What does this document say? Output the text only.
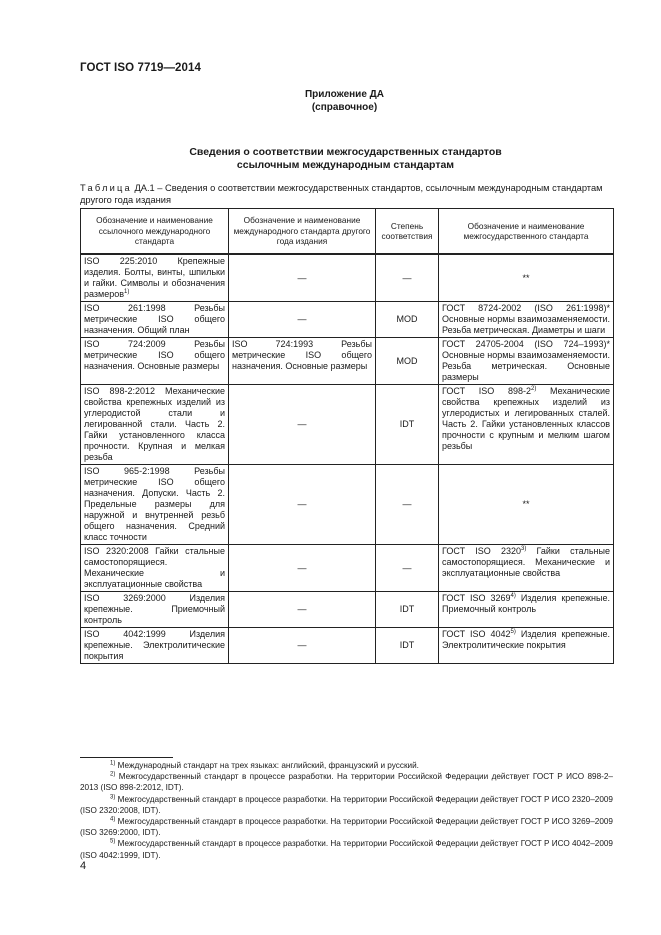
ГОСТ ISO 7719—2014
Приложение ДА
(справочное)
Сведения о соответствии межгосударственных стандартов
ссылочным международным стандартам
Таблица ДА.1 – Сведения о соответствии межгосударственных стандартов, ссылочным международным стандартам другого года издания
Обозначение и наименование ссылочного международного стандарта	Обозначение и наименование международного стандарта другого года издания	Степень соответствия	Обозначение и наименование межгосударственного стандарта
ISO 225:2010 Крепежные изделия. Болты, винты, шпильки и гайки. Символы и обозначения размеров$^{1)}$	—	—	**
ISO 261:1998 Резьбы метрические ISO общего назначения. Общий план	—	MOD	ГОСТ 8724-2002 (ISO 261:1998)* Основные нормы взаимозаменяемости. Резьба метрическая. Диаметры и шаги
ISO 724:2009 Резьбы метрические ISO общего назначения. Основные размеры	ISO 724:1993 Резьбы метрические ISO общего назначения. Основные размеры	MOD	ГОСТ 24705-2004 (ISO 724–1993)* Основные нормы взаимозаменяемости. Резьба метрическая. Основные размеры
ISO 898-2:2012 Механические свойства крепежных изделий из углеродистой стали и легированной стали. Часть 2. Гайки установленного класса прочности. Крупная и мелкая резьба	—	IDT	ГОСТ ISO 898-2$^{2)}$ Механические свойства крепежных изделий из углеродистых и легированных сталей. Часть 2. Гайки установленных классов прочности с крупным и мелким шагом резьбы
ISO 965-2:1998 Резьбы метрические ISO общего назначения. Допуски. Часть 2. Предельные размеры для наружной и внутренней резьб общего назначения. Средний класс точности	—	—	**
ISO 2320:2008 Гайки стальные самостопорящиеся. Механические и эксплуатационные свойства	—	—	ГОСТ ISO 2320$^{3)}$ Гайки стальные самостопорящиеся. Механические и эксплуатационные свойства
ISO 3269:2000 Изделия крепежные. Приемочный контроль	—	IDT	ГОСТ ISO 3269$^{4)}$ Изделия крепежные. Приемочный контроль
ISO 4042:1999 Изделия крепежные. Электролитические покрытия	—	IDT	ГОСТ ISO 4042$^{5)}$ Изделия крепежные. Электролитические покрытия
$^{1)}$ Международный стандарт на трех языках: английский, французский и русский.
$^{2)}$ Межгосударственный стандарт в процессе разработки. На территории Российской Федерации действует ГОСТ Р ИСО 898-2–2013 (ISO 898-2:2012, IDT).
$^{3)}$ Межгосударственный стандарт в процессе разработки. На территории Российской Федерации действует ГОСТ Р ИСО 2320–2009 (ISO 2320:2008, IDT).
$^{4)}$ Межгосударственный стандарт в процессе разработки. На территории Российской Федерации действует ГОСТ Р ИСО 3269–2009 (ISO 3269:2000, IDT).
$^{5)}$ Межгосударственный стандарт в процессе разработки. На территории Российской Федерации действует ГОСТ Р ИСО 4042–2009 (ISO 4042:1999, IDT).
4
